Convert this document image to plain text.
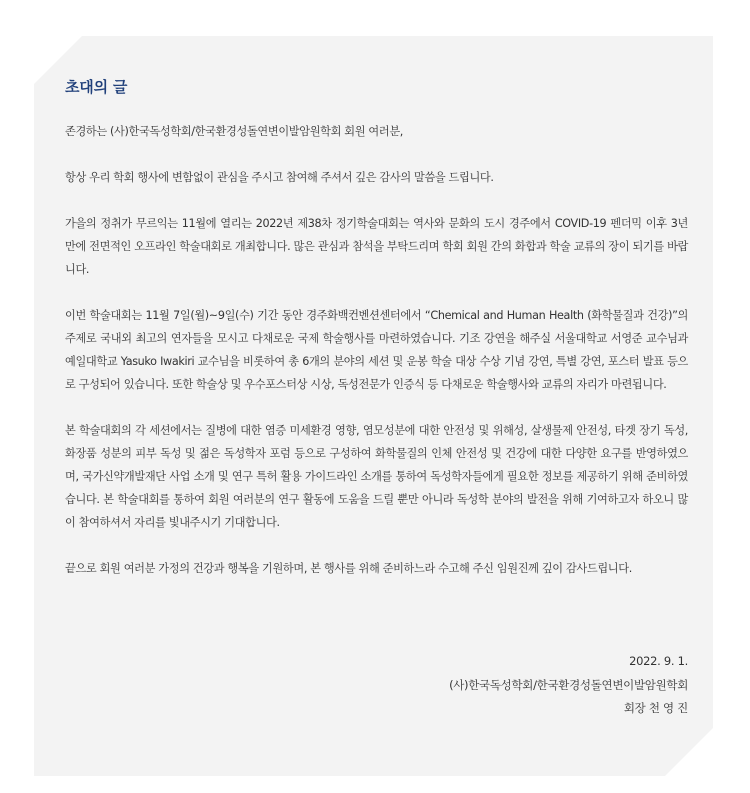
초대의 글

존경하는 (사)한국독성학회/한국환경성돌연변이발암원학회 회원 여러분,

항상 우리 학회 행사에 변함없이 관심을 주시고 참여해 주셔서 깊은 감사의 말씀을 드립니다.

가을의 정취가 무르익는 11월에 열리는 2022년 제38차 정기학술대회는 역사와 문화의 도시 경주에서 COVID-19 펜더믹 이후 3년 만에 전면적인 오프라인 학술대회로 개최합니다. 많은 관심과 참석을 부탁드리며 학회 회원 간의 화합과 학술 교류의 장이 되기를 바랍니다.

이번 학술대회는 11월 7일(월)~9일(수) 기간 동안 경주화백컨벤션센터에서 “Chemical and Human Health (화학물질과 건강)”의 주제로 국내외 최고의 연자들을 모시고 다채로운 국제 학술행사를 마련하였습니다. 기조 강연을 해주실 서울대학교 서영준 교수님과 예일대학교 Yasuko Iwakiri 교수님을 비롯하여 총 6개의 분야의 세션 및 운봉 학술 대상 수상 기념 강연, 특별 강연, 포스터 발표 등으로 구성되어 있습니다. 또한 학술상 및 우수포스터상 시상, 독성전문가 인증식 등 다채로운 학술행사와 교류의 자리가 마련됩니다.

본 학술대회의 각 세션에서는 질병에 대한 염증 미세환경 영향, 염모성분에 대한 안전성 및 위해성, 살생물제 안전성, 타겟 장기 독성, 화장품 성분의 피부 독성 및 젊은 독성학자 포럼 등으로 구성하여 화학물질의 인체 안전성 및 건강에 대한 다양한 요구를 반영하였으며, 국가신약개발재단 사업 소개 및 연구 특허 활용 가이드라인 소개를 통하여 독성학자들에게 필요한 정보를 제공하기 위해 준비하였습니다. 본 학술대회를 통하여 회원 여러분의 연구 활동에 도움을 드릴 뿐만 아니라 독성학 분야의 발전을 위해 기여하고자 하오니 많이 참여하셔서 자리를 빛내주시기 기대합니다.

끝으로 회원 여러분 가정의 건강과 행복을 기원하며, 본 행사를 위해 준비하느라 수고해 주신 임원진께 깊이 감사드립니다.

2022. 9. 1.
(사)한국독성학회/한국환경성돌연변이발암원학회
회장 천 영 진
